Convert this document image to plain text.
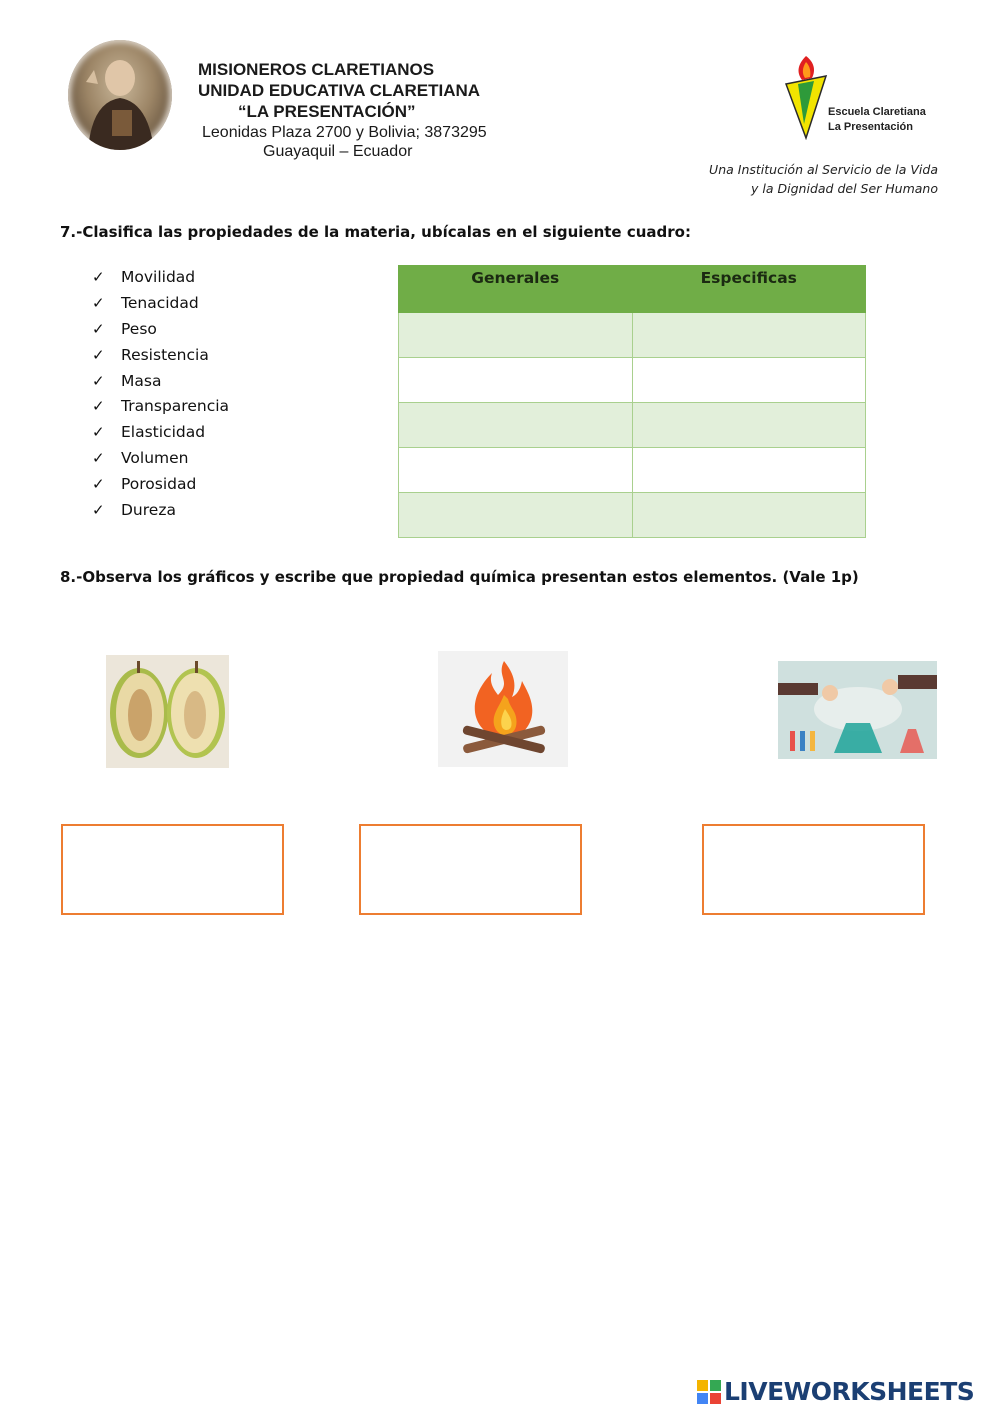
MISIONEROS CLARETIANOS
UNIDAD EDUCATIVA CLARETIANA
“LA PRESENTACIÓN”
Leonidas Plaza 2700 y Bolivia; 3873295
Guayaquil – Ecuador
Escuela Claretiana
La Presentación
Una Institución al Servicio de la Vida
y la Dignidad del Ser Humano
7.-Clasifica las propiedades de la materia, ubícalas en el siguiente cuadro:
✓	Movilidad
✓	Tenacidad
✓	Peso
✓	Resistencia
✓	Masa
✓	Transparencia
✓	Elasticidad
✓	Volumen
✓	Porosidad
✓	Dureza
Generales	Especificas

8.-Observa los gráficos y escribe que propiedad química presentan estos elementos. (Vale 1p)
LIVEWORKSHEETS
